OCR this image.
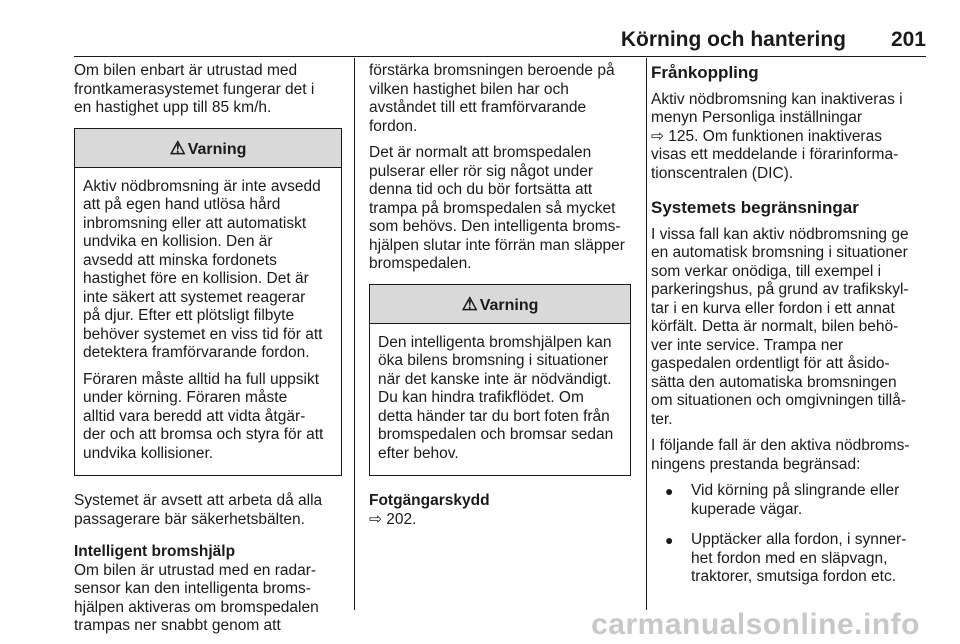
Körning och hantering 201

Om bilen enbart är utrustad med
frontkamerasystemet fungerar det i
en hastighet upp till 85 km/h.

⚠ Varning

Aktiv nödbromsning är inte avsedd
att på egen hand utlösa hård
inbromsning eller att automatiskt
undvika en kollision. Den är
avsedd att minska fordonets
hastighet före en kollision. Det är
inte säkert att systemet reagerar
på djur. Efter ett plötsligt filbyte
behöver systemet en viss tid för att
detektera framförvarande fordon.

Föraren måste alltid ha full uppsikt
under körning. Föraren måste
alltid vara beredd att vidta åtgär-
der och att bromsa och styra för att
undvika kollisioner.

Systemet är avsett att arbeta då alla
passagerare bär säkerhetsbälten.

Intelligent bromshjälp

Om bilen är utrustad med en radar-
sensor kan den intelligenta broms-
hjälpen aktiveras om bromspedalen
trampas ner snabbt genom att

förstärka bromsningen beroende på
vilken hastighet bilen har och
avståndet till ett framförvarande
fordon.

Det är normalt att bromspedalen
pulserar eller rör sig något under
denna tid och du bör fortsätta att
trampa på bromspedalen så mycket
som behövs. Den intelligenta broms-
hjälpen slutar inte förrän man släpper
bromspedalen.

⚠ Varning

Den intelligenta bromshjälpen kan
öka bilens bromsning i situationer
när det kanske inte är nödvändigt.
Du kan hindra trafikflödet. Om
detta händer tar du bort foten från
bromspedalen och bromsar sedan
efter behov.

Fotgängarskydd

⇨ 202.

Frånkoppling

Aktiv nödbromsning kan inaktiveras i
menyn Personliga inställningar
⇨ 125. Om funktionen inaktiveras
visas ett meddelande i förarinforma-
tionscentralen (DIC).

Systemets begränsningar

I vissa fall kan aktiv nödbromsning ge
en automatisk bromsning i situationer
som verkar onödiga, till exempel i
parkeringshus, på grund av trafikskyl-
tar i en kurva eller fordon i ett annat
körfält. Detta är normalt, bilen behö-
ver inte service. Trampa ner
gaspedalen ordentligt för att åsido-
sätta den automatiska bromsningen
om situationen och omgivningen tillå-
ter.

I följande fall är den aktiva nödbroms-
ningens prestanda begränsad:

● Vid körning på slingrande eller
kuperade vägar.
● Upptäcker alla fordon, i synner-
het fordon med en släpvagn,
traktorer, smutsiga fordon etc.
carmanualsonline.info
